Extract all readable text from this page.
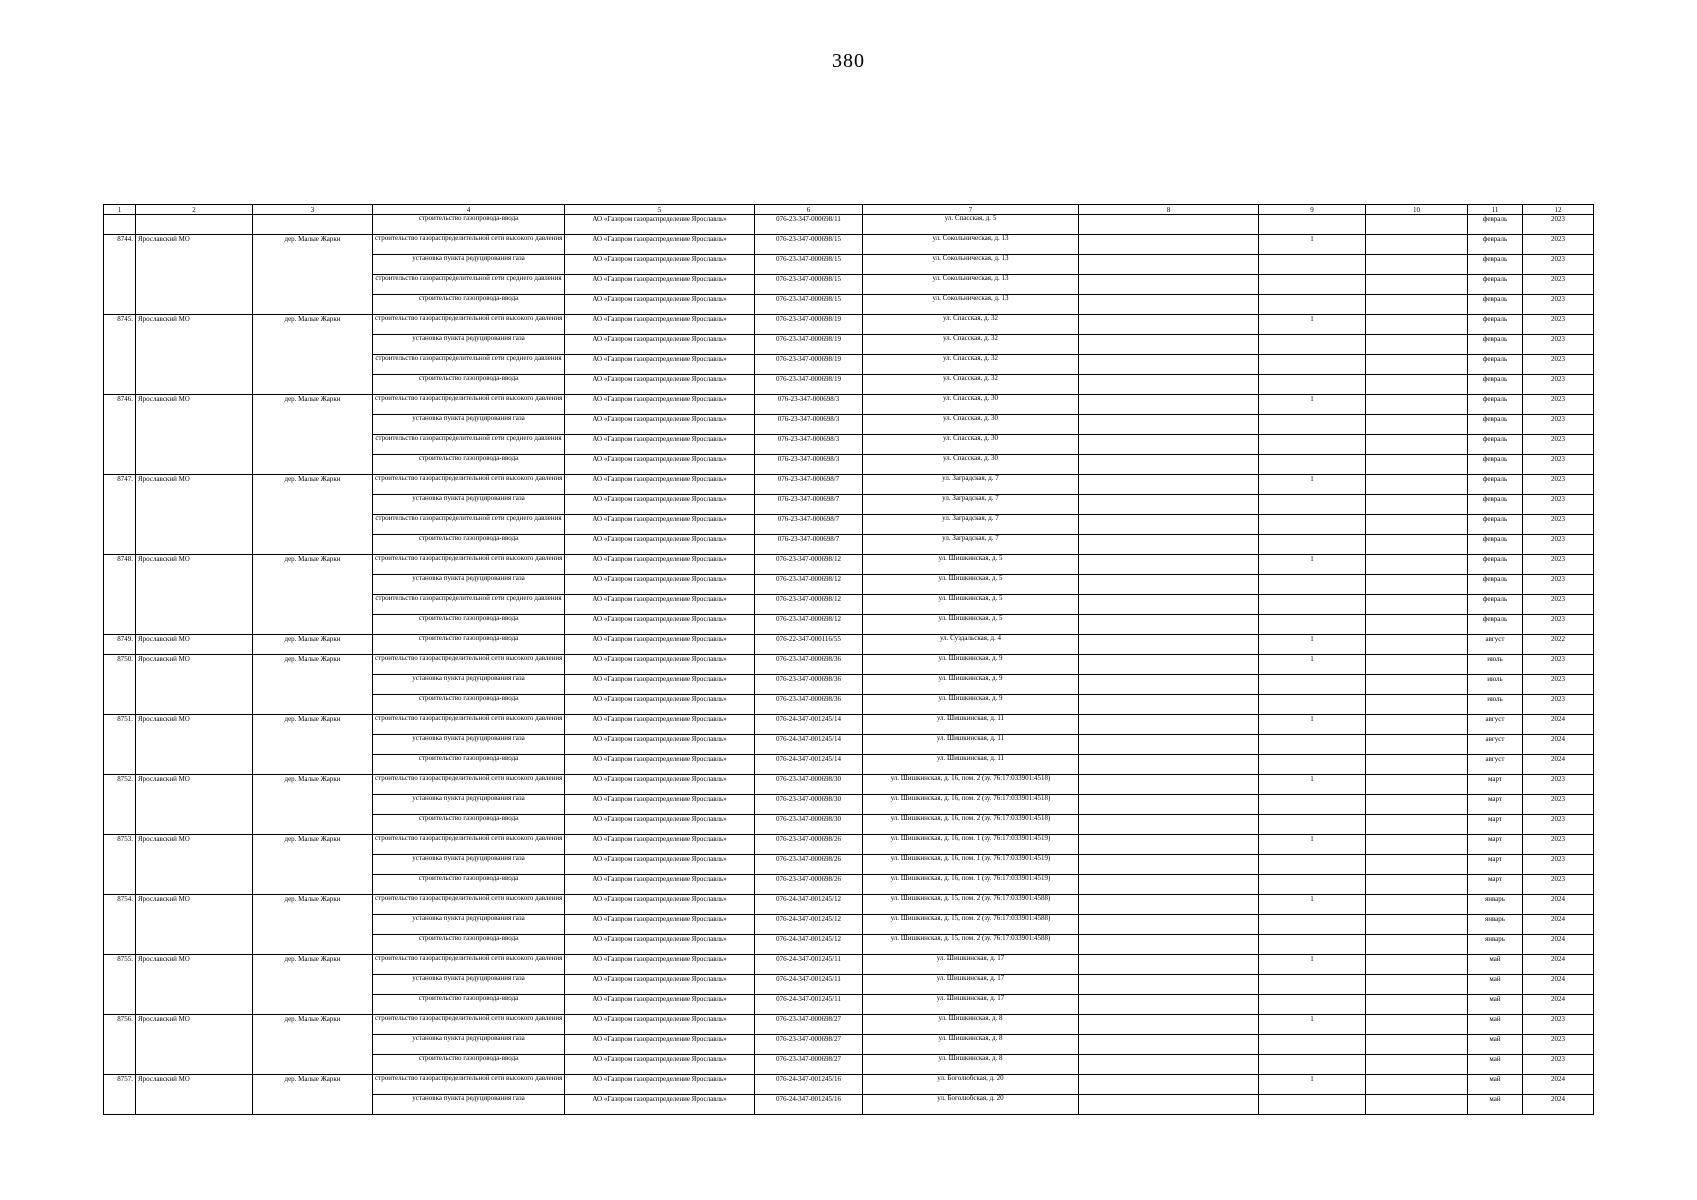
380
1	2	3	4	5	6	7	8	9	10	11	12
			строительство газопровода-ввода	АО «Газпром газораспределение Ярославль»	076-23-347-000698/11	ул. Спасская, д. 5				февраль	2023
8744.	Ярославский МО	дер. Малые Жарки	строительство газораспределительной сети высокого давления	АО «Газпром газораспределение Ярославль»	076-23-347-000698/15	ул. Сокольническая, д. 13		1		февраль	2023
			установка пункта редуцирования газа	АО «Газпром газораспределение Ярославль»	076-23-347-000698/15	ул. Сокольническая, д. 13				февраль	2023
			строительство газораспределительной сети среднего давления	АО «Газпром газораспределение Ярославль»	076-23-347-000698/15	ул. Сокольническая, д. 13				февраль	2023
			строительство газопровода-ввода	АО «Газпром газораспределение Ярославль»	076-23-347-000698/15	ул. Сокольническая, д. 13				февраль	2023
8745.	Ярославский МО	дер. Малые Жарки	строительство газораспределительной сети высокого давления	АО «Газпром газораспределение Ярославль»	076-23-347-000698/19	ул. Спасская, д. 32		1		февраль	2023
			установка пункта редуцирования газа	АО «Газпром газораспределение Ярославль»	076-23-347-000698/19	ул. Спасская, д. 32				февраль	2023
			строительство газораспределительной сети среднего давления	АО «Газпром газораспределение Ярославль»	076-23-347-000698/19	ул. Спасская, д. 32				февраль	2023
			строительство газопровода-ввода	АО «Газпром газораспределение Ярославль»	076-23-347-000698/19	ул. Спасская, д. 32				февраль	2023
8746.	Ярославский МО	дер. Малые Жарки	строительство газораспределительной сети высокого давления	АО «Газпром газораспределение Ярославль»	076-23-347-000698/3	ул. Спасская, д. 30		1		февраль	2023
			установка пункта редуцирования газа	АО «Газпром газораспределение Ярославль»	076-23-347-000698/3	ул. Спасская, д. 30				февраль	2023
			строительство газораспределительной сети среднего давления	АО «Газпром газораспределение Ярославль»	076-23-347-000698/3	ул. Спасская, д. 30				февраль	2023
			строительство газопровода-ввода	АО «Газпром газораспределение Ярославль»	076-23-347-000698/3	ул. Спасская, д. 30				февраль	2023
8747.	Ярославский МО	дер. Малые Жарки	строительство газораспределительной сети высокого давления	АО «Газпром газораспределение Ярославль»	076-23-347-000698/7	ул. Заградская, д. 7		1		февраль	2023
			установка пункта редуцирования газа	АО «Газпром газораспределение Ярославль»	076-23-347-000698/7	ул. Заградская, д. 7				февраль	2023
			строительство газораспределительной сети среднего давления	АО «Газпром газораспределение Ярославль»	076-23-347-000698/7	ул. Заградская, д. 7				февраль	2023
			строительство газопровода-ввода	АО «Газпром газораспределение Ярославль»	076-23-347-000698/7	ул. Заградская, д. 7				февраль	2023
8748.	Ярославский МО	дер. Малые Жарки	строительство газораспределительной сети высокого давления	АО «Газпром газораспределение Ярославль»	076-23-347-000698/12	ул. Шишкинская, д. 5		1		февраль	2023
			установка пункта редуцирования газа	АО «Газпром газораспределение Ярославль»	076-23-347-000698/12	ул. Шишкинская, д. 5				февраль	2023
			строительство газораспределительной сети среднего давления	АО «Газпром газораспределение Ярославль»	076-23-347-000698/12	ул. Шишкинская, д. 5				февраль	2023
			строительство газопровода-ввода	АО «Газпром газораспределение Ярославль»	076-23-347-000698/12	ул. Шишкинская, д. 5				февраль	2023
8749.	Ярославский МО	дер. Малые Жарки	строительство газопровода-ввода	АО «Газпром газораспределение Ярославль»	076-22-347-000116/55	ул. Суздальская, д. 4		1		август	2022
8750.	Ярославский МО	дер. Малые Жарки	строительство газораспределительной сети высокого давления	АО «Газпром газораспределение Ярославль»	076-23-347-000698/36	ул. Шишкинская, д. 9		1		июль	2023
			установка пункта редуцирования газа	АО «Газпром газораспределение Ярославль»	076-23-347-000698/36	ул. Шишкинская, д. 9				июль	2023
			строительство газопровода-ввода	АО «Газпром газораспределение Ярославль»	076-23-347-000698/36	ул. Шишкинская, д. 9				июль	2023
8751.	Ярославский МО	дер. Малые Жарки	строительство газораспределительной сети высокого давления	АО «Газпром газораспределение Ярославль»	076-24-347-001245/14	ул. Шишкинская, д. 11		1		август	2024
			установка пункта редуцирования газа	АО «Газпром газораспределение Ярославль»	076-24-347-001245/14	ул. Шишкинская, д. 11				август	2024
			строительство газопровода-ввода	АО «Газпром газораспределение Ярославль»	076-24-347-001245/14	ул. Шишкинская, д. 11				август	2024
8752.	Ярославский МО	дер. Малые Жарки	строительство газораспределительной сети высокого давления	АО «Газпром газораспределение Ярославль»	076-23-347-000698/30	ул. Шишкинская, д. 16, пом. 2 (зу. 76:17:033901:4518)		1		март	2023
			установка пункта редуцирования газа	АО «Газпром газораспределение Ярославль»	076-23-347-000698/30	ул. Шишкинская, д. 16, пом. 2 (зу. 76:17:033901:4518)				март	2023
			строительство газопровода-ввода	АО «Газпром газораспределение Ярославль»	076-23-347-000698/30	ул. Шишкинская, д. 16, пом. 2 (зу. 76:17:033901:4518)				март	2023
8753.	Ярославский МО	дер. Малые Жарки	строительство газораспределительной сети высокого давления	АО «Газпром газораспределение Ярославль»	076-23-347-000698/26	ул. Шишкинская, д. 16, пом. 1 (зу. 76:17:033901:4519)		1		март	2023
			установка пункта редуцирования газа	АО «Газпром газораспределение Ярославль»	076-23-347-000698/26	ул. Шишкинская, д. 16, пом. 1 (зу. 76:17:033901:4519)				март	2023
			строительство газопровода-ввода	АО «Газпром газораспределение Ярославль»	076-23-347-000698/26	ул. Шишкинская, д. 16, пом. 1 (зу. 76:17:033901:4519)				март	2023
8754.	Ярославский МО	дер. Малые Жарки	строительство газораспределительной сети высокого давления	АО «Газпром газораспределение Ярославль»	076-24-347-001245/12	ул. Шишкинская, д. 15, пом. 2 (зу. 76:17:033901:4588)		1		январь	2024
			установка пункта редуцирования газа	АО «Газпром газораспределение Ярославль»	076-24-347-001245/12	ул. Шишкинская, д. 15, пом. 2 (зу. 76:17:033901:4588)				январь	2024
			строительство газопровода-ввода	АО «Газпром газораспределение Ярославль»	076-24-347-001245/12	ул. Шишкинская, д. 15, пом. 2 (зу. 76:17:033901:4588)				январь	2024
8755.	Ярославский МО	дер. Малые Жарки	строительство газораспределительной сети высокого давления	АО «Газпром газораспределение Ярославль»	076-24-347-001245/11	ул. Шишкинская, д. 17		1		май	2024
			установка пункта редуцирования газа	АО «Газпром газораспределение Ярославль»	076-24-347-001245/11	ул. Шишкинская, д. 17				май	2024
			строительство газопровода-ввода	АО «Газпром газораспределение Ярославль»	076-24-347-001245/11	ул. Шишкинская, д. 17				май	2024
8756.	Ярославский МО	дер. Малые Жарки	строительство газораспределительной сети высокого давления	АО «Газпром газораспределение Ярославль»	076-23-347-000698/27	ул. Шишкинская, д. 8		1		май	2023
			установка пункта редуцирования газа	АО «Газпром газораспределение Ярославль»	076-23-347-000698/27	ул. Шишкинская, д. 8				май	2023
			строительство газопровода-ввода	АО «Газпром газораспределение Ярославль»	076-23-347-000698/27	ул. Шишкинская, д. 8				май	2023
8757.	Ярославский МО	дер. Малые Жарки	строительство газораспределительной сети высокого давления	АО «Газпром газораспределение Ярославль»	076-24-347-001245/16	ул. Боголюбская, д. 20		1		май	2024
			установка пункта редуцирования газа	АО «Газпром газораспределение Ярославль»	076-24-347-001245/16	ул. Боголюбская, д. 20				май	2024
